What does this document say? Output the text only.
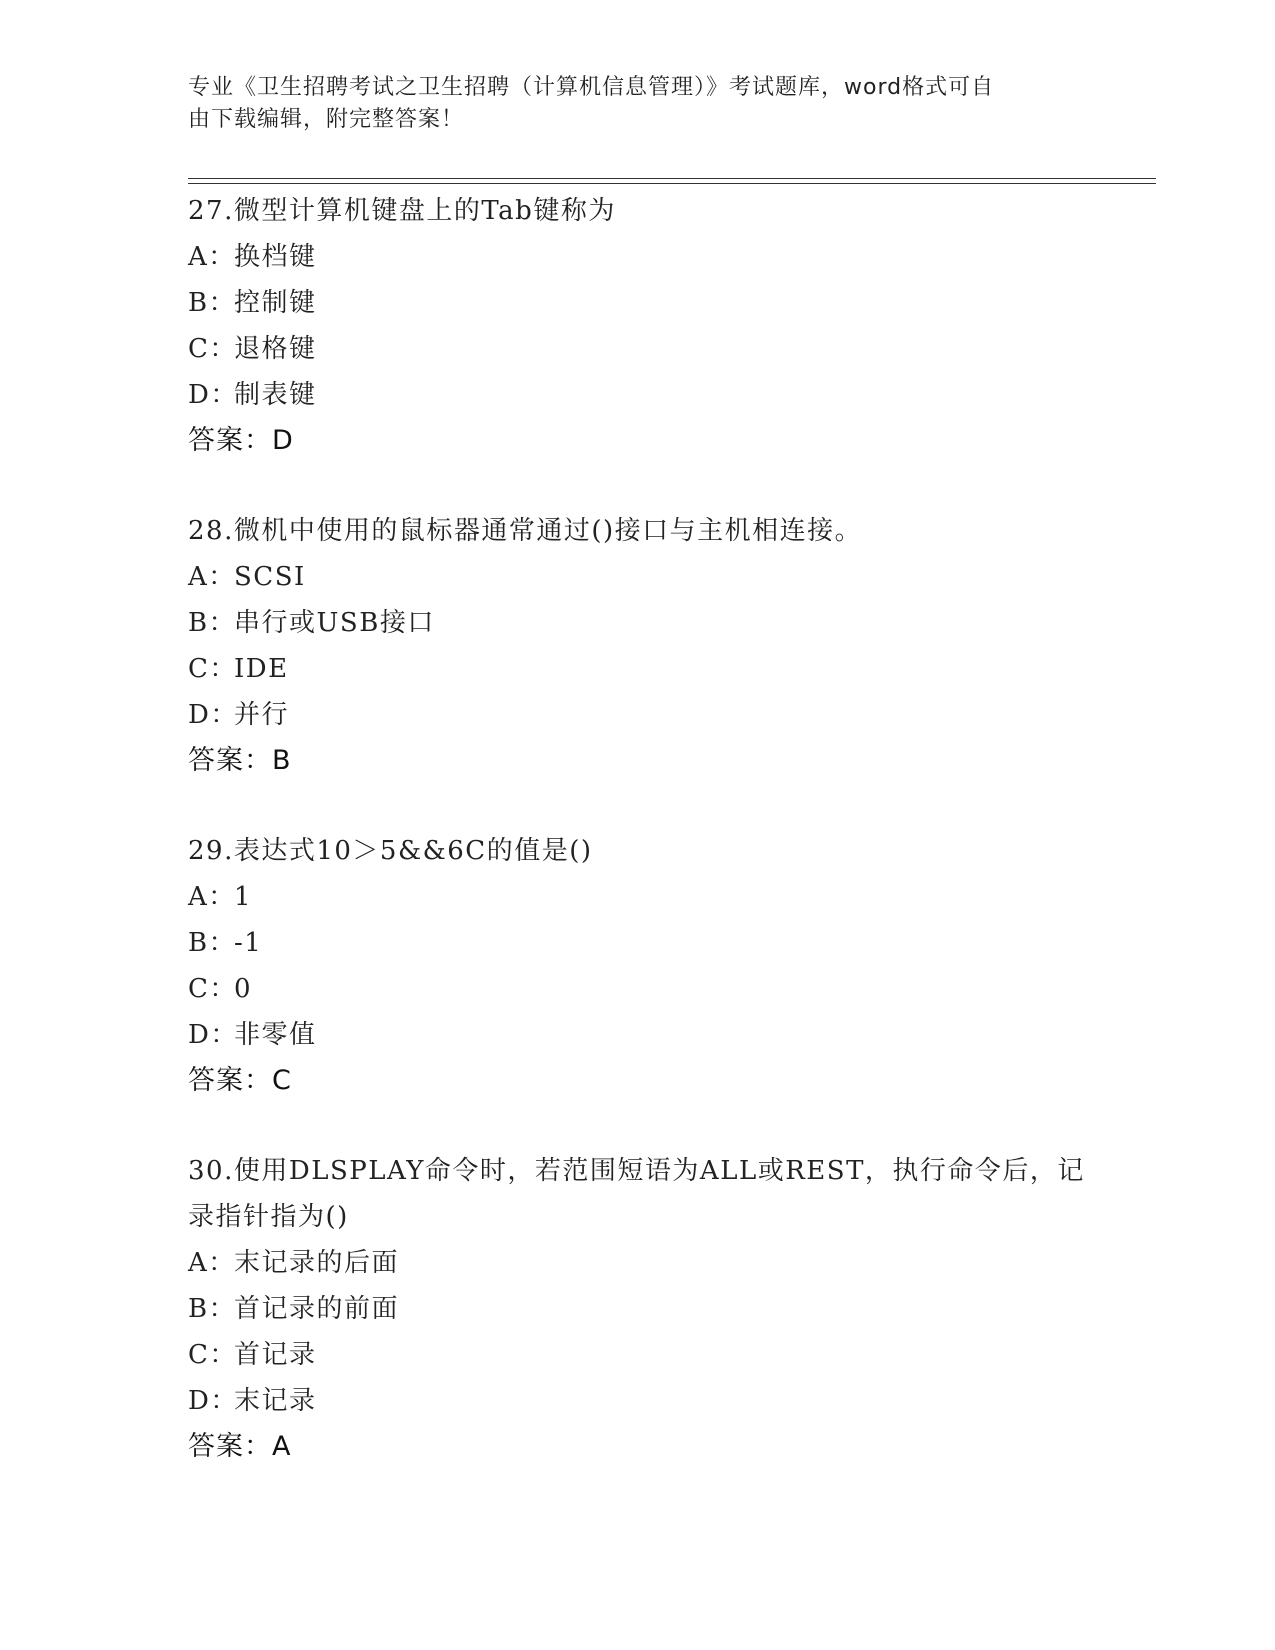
专业《卫生招聘考试之卫生招聘（计算机信息管理）》考试题库，word格式可自
由下载编辑，附完整答案！
27.微型计算机键盘上的Tab键称为
A：换档键
B：控制键
C：退格键
D：制表键
答案：D
28.微机中使用的鼠标器通常通过()接口与主机相连接。
A：SCSI
B：串行或USB接口
C：IDE
D：并行
答案：B
29.表达式10＞5&&6C的值是()
A：1
B：-1
C：0
D：非零值
答案：C
30.使用DLSPLAY命令时，若范围短语为ALL或REST，执行命令后，记录指针指为()
A：末记录的后面
B：首记录的前面
C：首记录
D：末记录
答案：A
